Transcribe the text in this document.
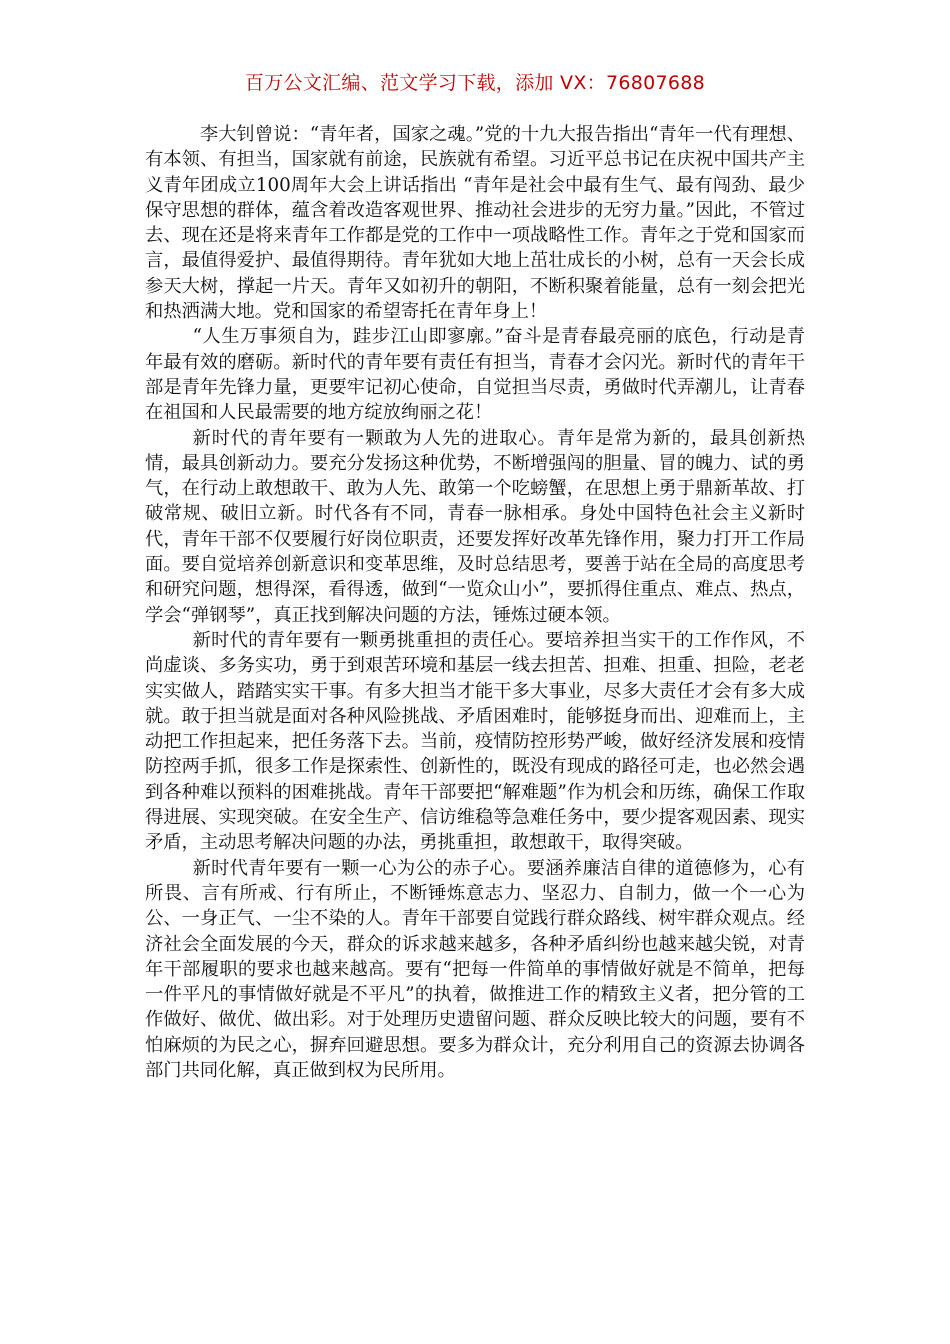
百万公文汇编、范文学习下载，添加 VX：76807688

李大钊曾说：“青年者，国家之魂。”党的十九大报告指出“青年一代有理想、有本领、有担当，国家就有前途，民族就有希望。习近平总书记在庆祝中国共产主义青年团成立100周年大会上讲话指出 “青年是社会中最有生气、最有闯劲、最少保守思想的群体，蕴含着改造客观世界、推动社会进步的无穷力量。”因此，不管过去、现在还是将来青年工作都是党的工作中一项战略性工作。青年之于党和国家而言，最值得爱护、最值得期待。青年犹如大地上茁壮成长的小树，总有一天会长成参天大树，撑起一片天。青年又如初升的朝阳，不断积聚着能量，总有一刻会把光和热洒满大地。党和国家的希望寄托在青年身上！

“人生万事须自为，跬步江山即寥廓。”奋斗是青春最亮丽的底色，行动是青年最有效的磨砺。新时代的青年要有责任有担当，青春才会闪光。新时代的青年干部是青年先锋力量，更要牢记初心使命，自觉担当尽责，勇做时代弄潮儿，让青春在祖国和人民最需要的地方绽放绚丽之花！

新时代的青年要有一颗敢为人先的进取心。青年是常为新的，最具创新热情，最具创新动力。要充分发扬这种优势，不断增强闯的胆量、冒的魄力、试的勇气，在行动上敢想敢干、敢为人先、敢第一个吃螃蟹，在思想上勇于鼎新革故、打破常规、破旧立新。时代各有不同，青春一脉相承。身处中国特色社会主义新时代，青年干部不仅要履行好岗位职责，还要发挥好改革先锋作用，聚力打开工作局面。要自觉培养创新意识和变革思维，及时总结思考，要善于站在全局的高度思考和研究问题，想得深，看得透，做到“一览众山小”，要抓得住重点、难点、热点，学会“弹钢琴”，真正找到解决问题的方法，锤炼过硬本领。

新时代的青年要有一颗勇挑重担的责任心。要培养担当实干的工作作风，不尚虚谈、多务实功，勇于到艰苦环境和基层一线去担苦、担难、担重、担险，老老实实做人，踏踏实实干事。有多大担当才能干多大事业，尽多大责任才会有多大成就。敢于担当就是面对各种风险挑战、矛盾困难时，能够挺身而出、迎难而上，主动把工作担起来，把任务落下去。当前，疫情防控形势严峻，做好经济发展和疫情防控两手抓，很多工作是探索性、创新性的，既没有现成的路径可走，也必然会遇到各种难以预料的困难挑战。青年干部要把“解难题”作为机会和历练，确保工作取得进展、实现突破。在安全生产、信访维稳等急难任务中，要少提客观因素、现实矛盾，主动思考解决问题的办法，勇挑重担，敢想敢干，取得突破。

新时代青年要有一颗一心为公的赤子心。要涵养廉洁自律的道德修为，心有所畏、言有所戒、行有所止，不断锤炼意志力、坚忍力、自制力，做一个一心为公、一身正气、一尘不染的人。青年干部要自觉践行群众路线、树牢群众观点。经济社会全面发展的今天，群众的诉求越来越多，各种矛盾纠纷也越来越尖锐，对青年干部履职的要求也越来越高。要有“把每一件简单的事情做好就是不简单，把每一件平凡的事情做好就是不平凡”的执着，做推进工作的精致主义者，把分管的工作做好、做优、做出彩。对于处理历史遗留问题、群众反映比较大的问题，要有不怕麻烦的为民之心，摒弃回避思想。要多为群众计，充分利用自己的资源去协调各部门共同化解，真正做到权为民所用。
